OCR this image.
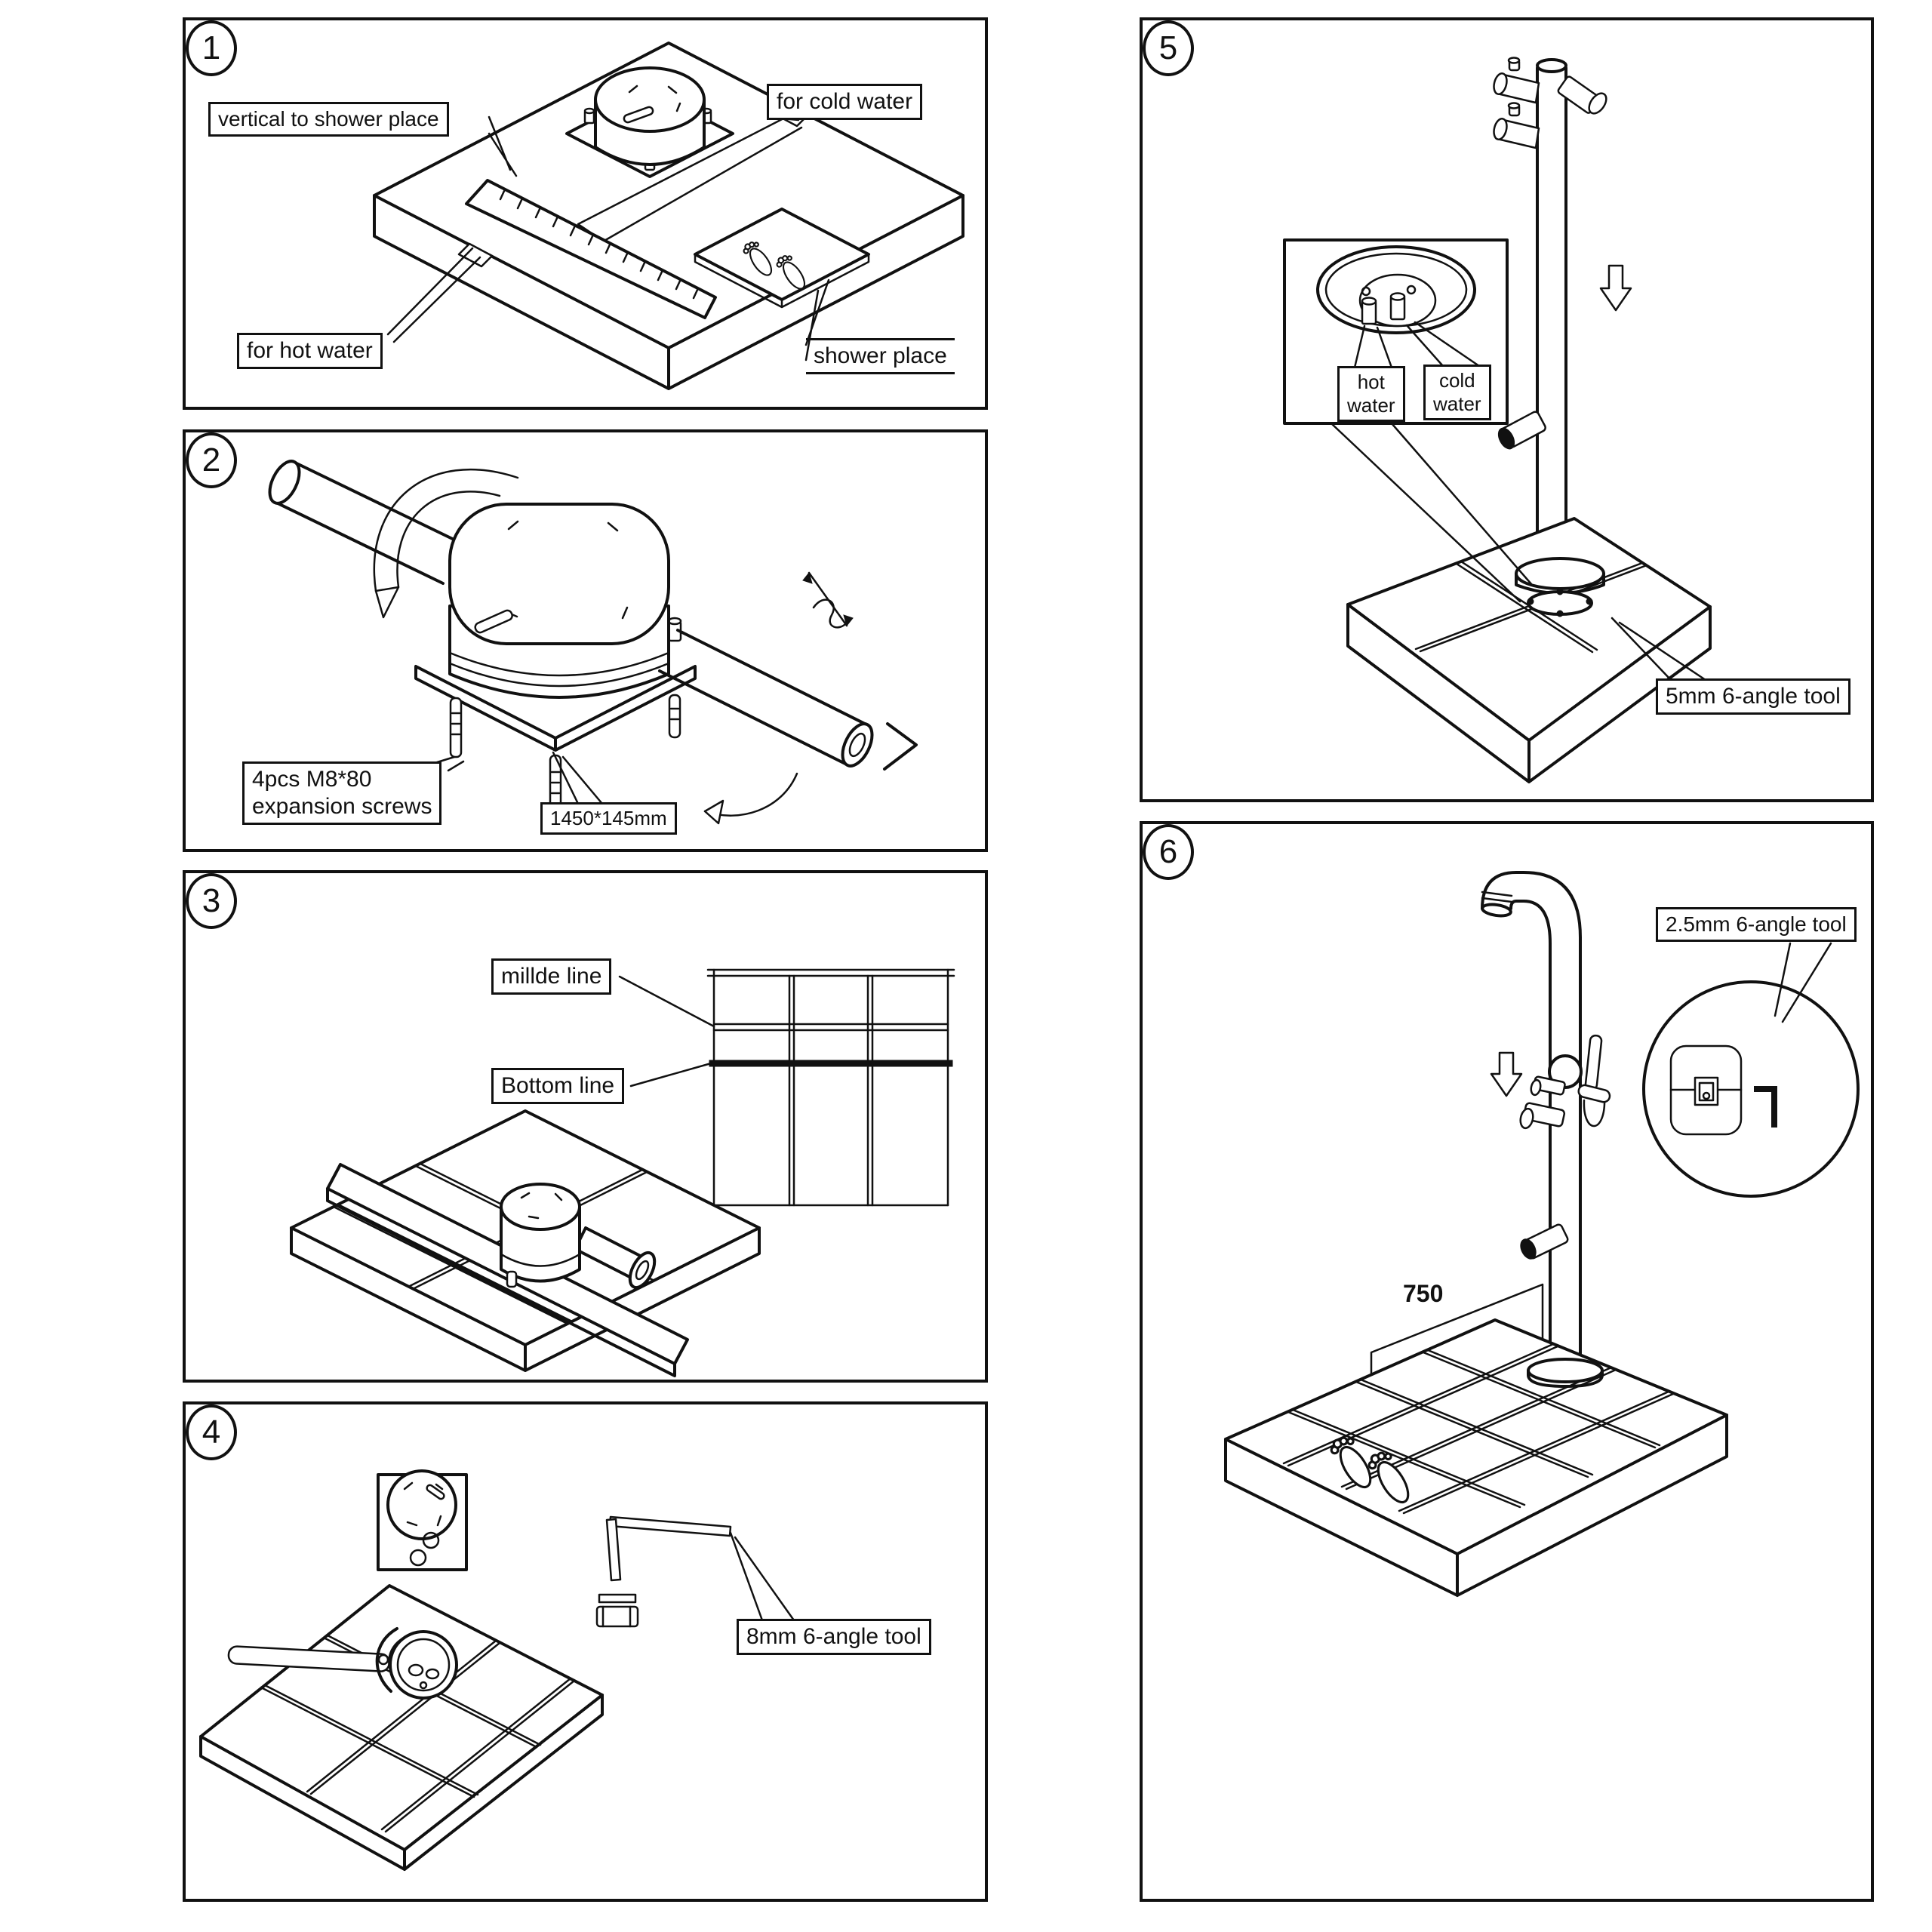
1
vertical to shower place
for cold water
for hot water	shower place
2
4pcs M8*80
expansion screws	1450*145mm
3
millde line
Bottom line
4
8mm 6-angle tool
5
hot
water
cold
water
5mm 6-angle tool
6
2.5mm 6-angle tool
750
